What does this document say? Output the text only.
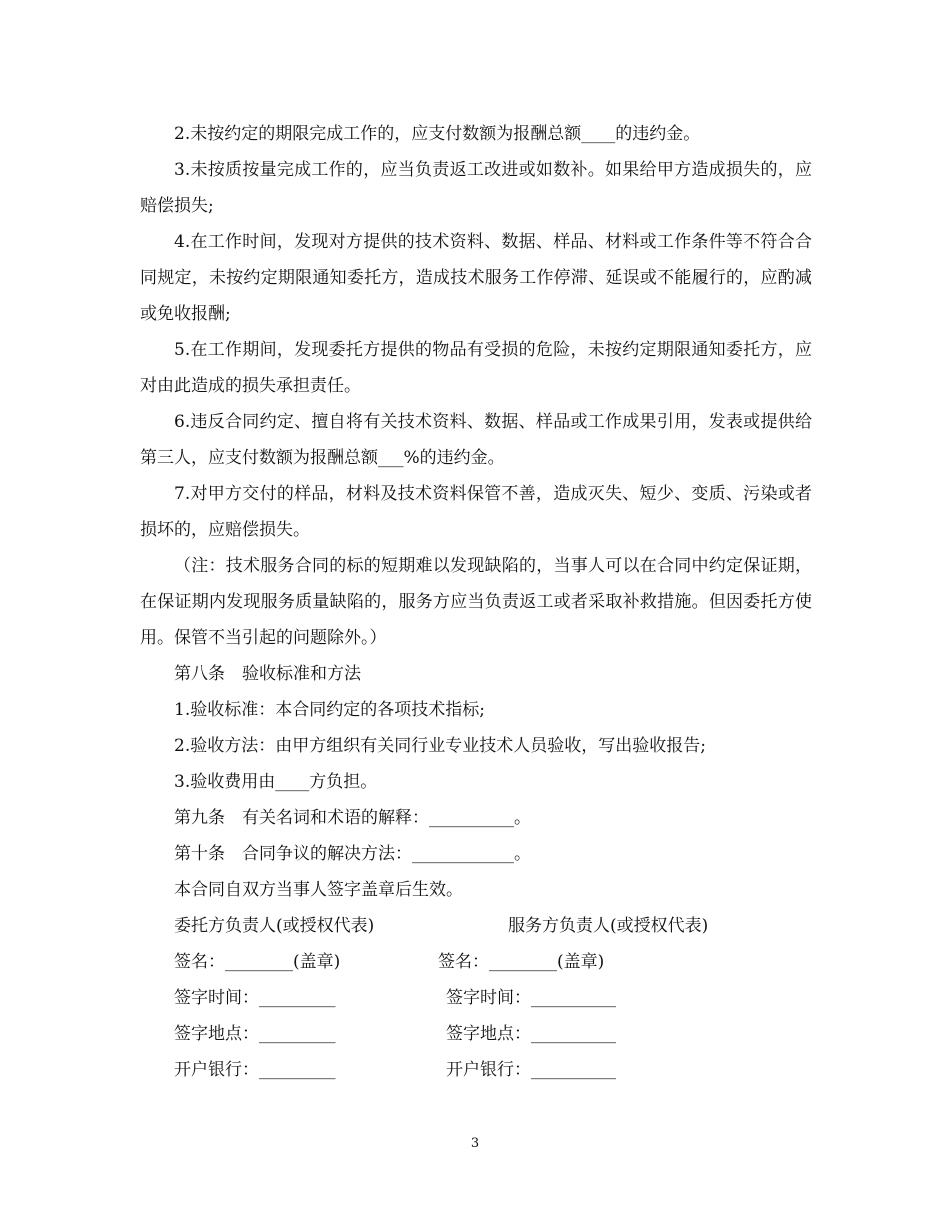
2.未按约定的期限完成工作的，应支付数额为报酬总额____的违约金。

3.未按质按量完成工作的，应当负责返工改进或如数补。如果给甲方造成损失的，应赔偿损失;

4.在工作时间，发现对方提供的技术资料、数据、样品、材料或工作条件等不符合合同规定，未按约定期限通知委托方，造成技术服务工作停滞、延误或不能履行的，应酌减或免收报酬;

5.在工作期间，发现委托方提供的物品有受损的危险，未按约定期限通知委托方，应对由此造成的损失承担责任。

6.违反合同约定、擅自将有关技术资料、数据、样品或工作成果引用，发表或提供给第三人，应支付数额为报酬总额___%的违约金。

7.对甲方交付的样品，材料及技术资料保管不善，造成灭失、短少、变质、污染或者损坏的，应赔偿损失。

（注：技术服务合同的标的短期难以发现缺陷的，当事人可以在合同中约定保证期，在保证期内发现服务质量缺陷的，服务方应当负责返工或者采取补救措施。但因委托方使用。保管不当引起的问题除外。）

第八条　验收标准和方法

1.验收标准：本合同约定的各项技术指标;

2.验收方法：由甲方组织有关同行业专业技术人员验收，写出验收报告;

3.验收费用由____方负担。

第九条　有关名词和术语的解释：__________。

第十条　合同争议的解决方法：____________。

本合同自双方当事人签字盖章后生效。

委托方负责人(或授权代表)	服务方负责人(或授权代表)
签名：________(盖章)	签名：________(盖章)
签字时间：_________	签字时间：__________
签字地点：_________	签字地点：__________
开户银行：_________	开户银行：__________
3
